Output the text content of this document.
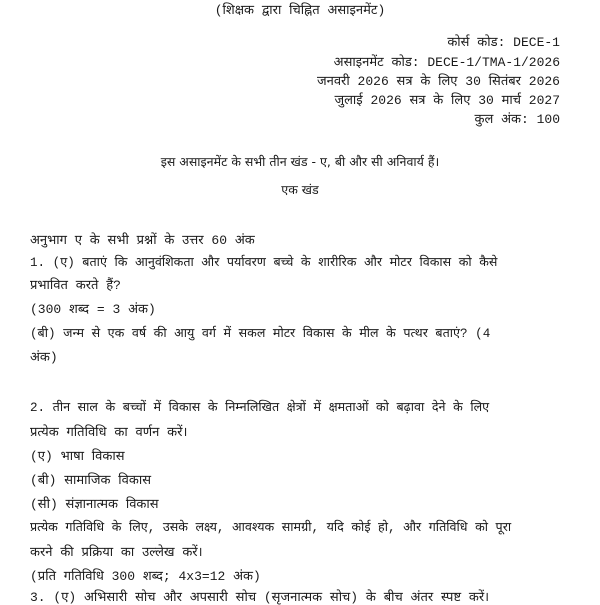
(शिक्षक द्वारा चिह्नित असाइनमेंट)
कोर्स कोड: DECE-1
असाइनमेंट कोड: DECE-1/TMA-1/2026
जनवरी 2026 सत्र के लिए 30 सितंबर 2026
जुलाई 2026 सत्र के लिए 30 मार्च 2027
कुल अंक: 100
इस असाइनमेंट के सभी तीन खंड - ए, बी और सी अनिवार्य हैं।
एक खंड
अनुभाग ए के सभी प्रश्नों के उत्तर 60 अंक
1. (ए) बताएं कि आनुवंशिकता और पर्यावरण बच्चे के शारीरिक और मोटर विकास को कैसे
प्रभावित करते हैं?
(300 शब्द = 3 अंक)
(बी) जन्म से एक वर्ष की आयु वर्ग में सकल मोटर विकास के मील के पत्थर बताएं? (4
अंक)
2. तीन साल के बच्चों में विकास के निम्नलिखित क्षेत्रों में क्षमताओं को बढ़ावा देने के लिए
प्रत्येक गतिविधि का वर्णन करें।
(ए) भाषा विकास
(बी) सामाजिक विकास
(सी) संज्ञानात्मक विकास
प्रत्येक गतिविधि के लिए, उसके लक्ष्य, आवश्यक सामग्री, यदि कोई हो, और गतिविधि को पूरा
करने की प्रक्रिया का उल्लेख करें।
(प्रति गतिविधि 300 शब्द; 4x3=12 अंक)
3. (ए) अभिसारी सोच और अपसारी सोच (सृजनात्मक सोच) के बीच अंतर स्पष्ट करें।
